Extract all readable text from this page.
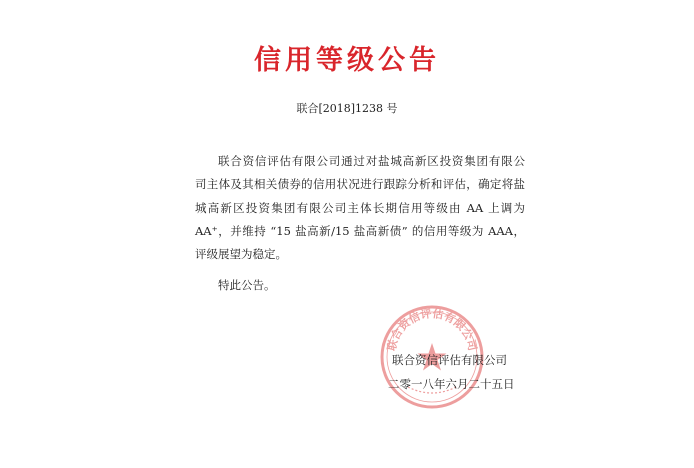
信用等级公告
联合[2018]1238 号
联合资信评估有限公司通过对盐城高新区投资集团有限公
司主体及其相关债券的信用状况进行跟踪分析和评估，确定将盐
城高新区投资集团有限公司主体长期信用等级由 AA 上调为
AA⁺，并维持 “15 盐高新/15 盐高新债” 的信用等级为 AAA，
评级展望为稳定。
特此公告。
联合资信评估有限公司
联合资信评估有限公司
二零一八年六月二十五日
